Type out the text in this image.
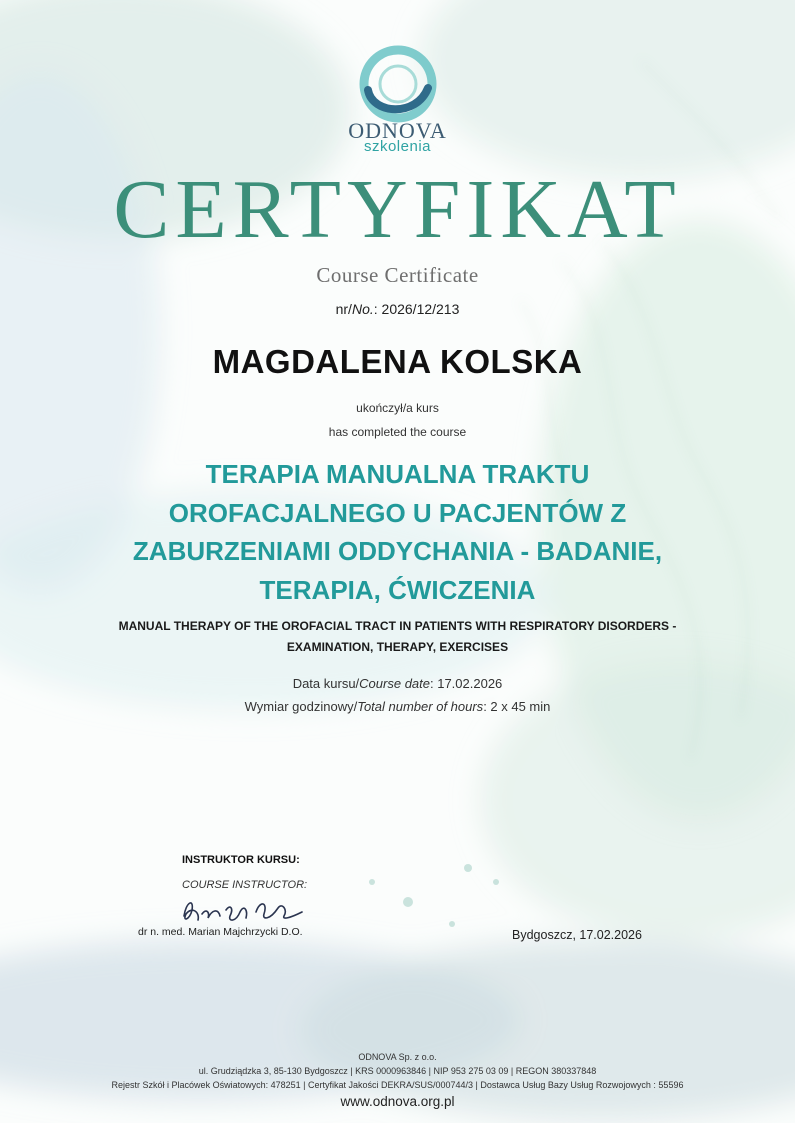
ODNOVA
szkolenia
CERTYFIKAT
Course Certificate
nr/No.: 2026/12/213
MAGDALENA KOLSKA
ukończył/a kurs
has completed the course
TERAPIA MANUALNA TRAKTU
OROFACJALNEGO U PACJENTÓW Z
ZABURZENIAMI ODDYCHANIA - BADANIE,
TERAPIA, ĆWICZENIA
MANUAL THERAPY OF THE OROFACIAL TRACT IN PATIENTS WITH RESPIRATORY DISORDERS -
EXAMINATION, THERAPY, EXERCISES
Data kursu/Course date: 17.02.2026
Wymiar godzinowy/Total number of hours: 2 x 45 min
INSTRUKTOR KURSU:
COURSE INSTRUCTOR:
dr n. med. Marian Majchrzycki D.O.	Bydgoszcz, 17.02.2026
ODNOVA Sp. z o.o.
ul. Grudziądzka 3, 85-130 Bydgoszcz | KRS 0000963846 | NIP 953 275 03 09 | REGON 380337848
Rejestr Szkół i Placówek Oświatowych: 478251 | Certyfikat Jakości DEKRA/SUS/000744/3 | Dostawca Usług Bazy Usług Rozwojowych : 55596
www.odnova.org.pl
